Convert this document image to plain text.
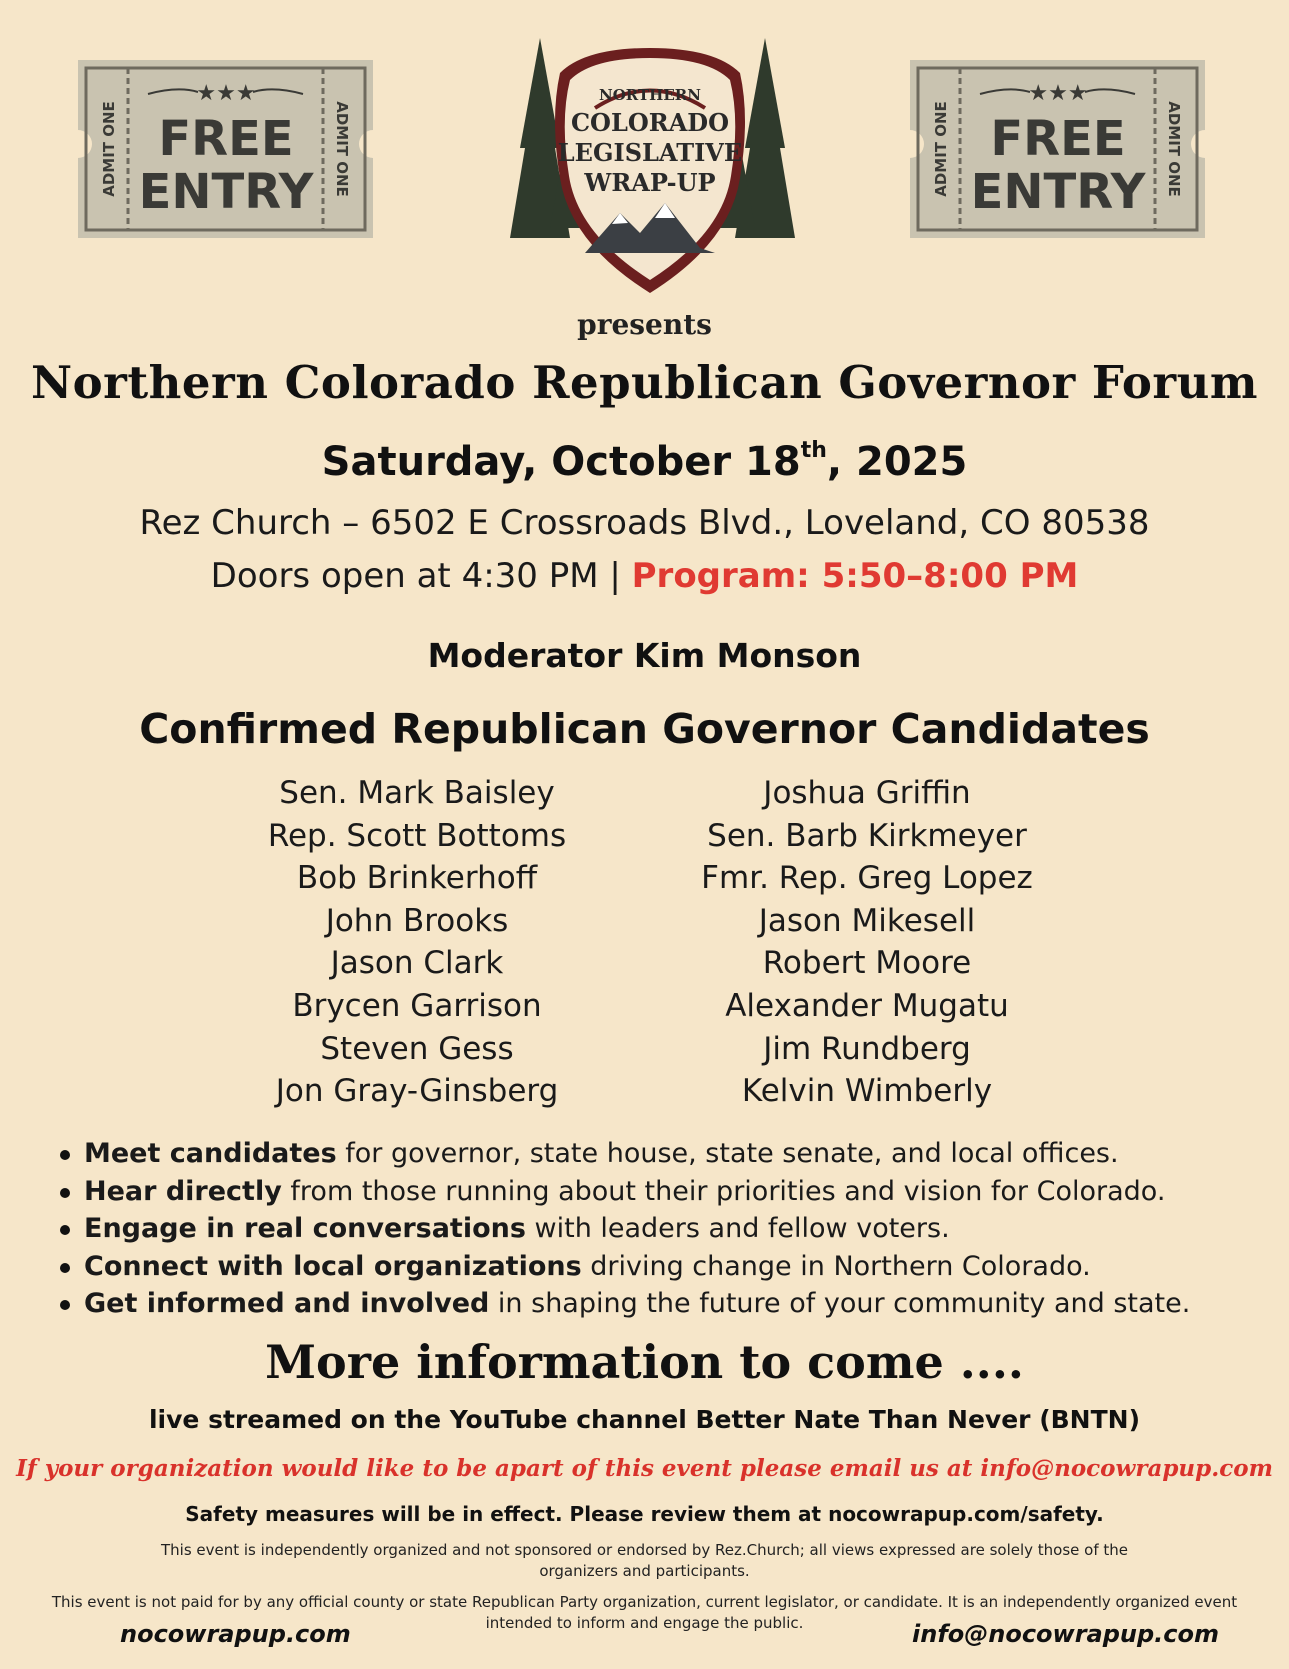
★★★
FREE
ENTRY
ADMIT ONE	ADMIT ONE
NORTHERN
COLORADO
LEGISLATIVE
WRAP-UP
★★★
FREE
ENTRY
ADMIT ONE	ADMIT ONE
presents
Northern Colorado Republican Governor Forum
Saturday, October 18th, 2025
Rez Church – 6502 E Crossroads Blvd., Loveland, CO 80538
Doors open at 4:30 PM | Program: 5:50–8:00 PM
Moderator Kim Monson
Confirmed Republican Governor Candidates
Sen. Mark Baisley
Rep. Scott Bottoms
Bob Brinkerhoff
John Brooks
Jason Clark
Brycen Garrison
Steven Gess
Jon Gray-Ginsberg
Joshua Griffin
Sen. Barb Kirkmeyer
Fmr. Rep. Greg Lopez
Jason Mikesell
Robert Moore
Alexander Mugatu
Jim Rundberg
Kelvin Wimberly
Meet candidates for governor, state house, state senate, and local offices.
Hear directly from those running about their priorities and vision for Colorado.
Engage in real conversations with leaders and fellow voters.
Connect with local organizations driving change in Northern Colorado.
Get informed and involved in shaping the future of your community and state.
More information to come ....
live streamed on the YouTube channel Better Nate Than Never (BNTN)
If your organization would like to be apart of this event please email us at info@nocowrapup.com
Safety measures will be in effect. Please review them at nocowrapup.com/safety.
This event is independently organized and not sponsored or endorsed by Rez.Church; all views expressed are solely those of the organizers and participants.
This event is not paid for by any official county or state Republican Party organization, current legislator, or candidate. It is an independently organized event intended to inform and engage the public.
nocowrapup.com	info@nocowrapup.com
